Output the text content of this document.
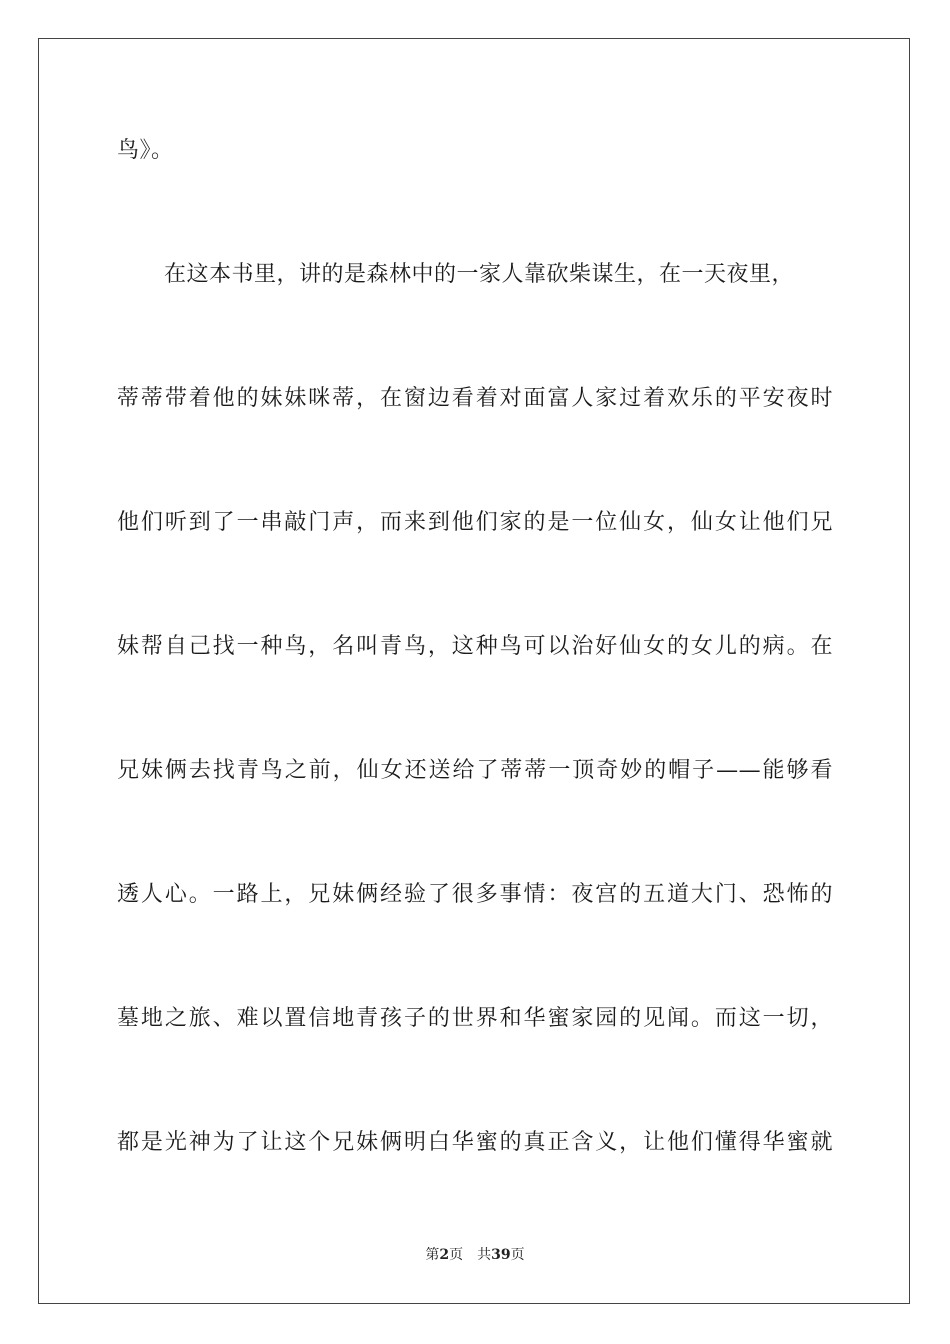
鸟》。
在这本书里，讲的是森林中的一家人靠砍柴谋生，在一天夜里，
蒂蒂带着他的妹妹咪蒂，在窗边看着对面富人家过着欢乐的平安夜时
他们听到了一串敲门声，而来到他们家的是一位仙女，仙女让他们兄
妹帮自己找一种鸟，名叫青鸟，这种鸟可以治好仙女的女儿的病。在
兄妹俩去找青鸟之前，仙女还送给了蒂蒂一顶奇妙的帽子——能够看
透人心。一路上，兄妹俩经验了很多事情：夜宫的五道大门、恐怖的
墓地之旅、难以置信地青孩子的世界和华蜜家园的见闻。而这一切，
都是光神为了让这个兄妹俩明白华蜜的真正含义，让他们懂得华蜜就
第2页 共39页
